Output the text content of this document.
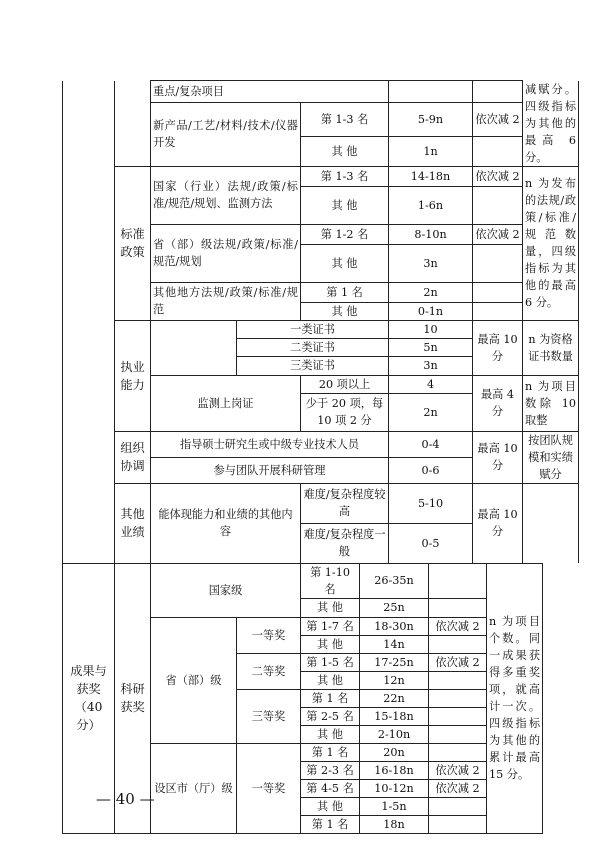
		重点/复杂项目					减赋分。四级指标为其他的最高 6 分。
		新产品/工艺/材料/技术/仪器开发		第 1-3 名	5-9n	依次减 2	
				其 他	1n		
	标准政策	国家（行业）法规/政策/标准/规范/规划、监测方法		第 1-3 名	14-18n	依次减 2	n 为发布的法规/政策/标准/规范数量，四级指标为其他的最高 6 分。
				其 他	1-6n		
		省（部）级法规/政策/标准/规范/规划		第 1-2 名	8-10n	依次减 2	
				其 他	3n		
		其他地方法规/政策/标准/规范		第 1 名	2n		
				其 他	0-1n		
	执业能力		一类证书		10	最高 10 分	n 为资格证书数量
			二类证书		5n		
			三类证书		3n		
		监测上岗证		20 项以上	4	最高 4 分	n 为项目数除 10 取整
				少于 20 项，每 10 项 2 分	2n		
	组织协调	指导硕士研究生或中级专业技术人员			0-4	最高 10 分	按团队规模和实绩赋分
		参与团队开展科研管理			0-6		
	其他业绩	能体现能力和业绩的其他内容		难度/复杂程度较高	5-10	最高 10 分	
				难度/复杂程度一般	0-5		
成果与获奖（40 分）	科研获奖	国家级		第 1-10 名	26-35n		n 为项目个数。同一成果获得多重奖项，就高计一次。四级指标为其他的累计最高 15 分。
				其 他	25n		
		省（部）级	一等奖	第 1-7 名	18-30n	依次减 2	
				其 他	14n		
			二等奖	第 1-5 名	17-25n	依次减 2	
				其 他	12n		
			三等奖	第 1 名	22n		
				第 2-5 名	15-18n		
				其 他	2-10n		
		设区市（厅）级	一等奖	第 1 名	20n		
				第 2-3 名	16-18n	依次减 2	
				第 4-5 名	10-12n	依次减 2	
				其 他	1-5n		
				第 1 名	18n		
— 40 —
